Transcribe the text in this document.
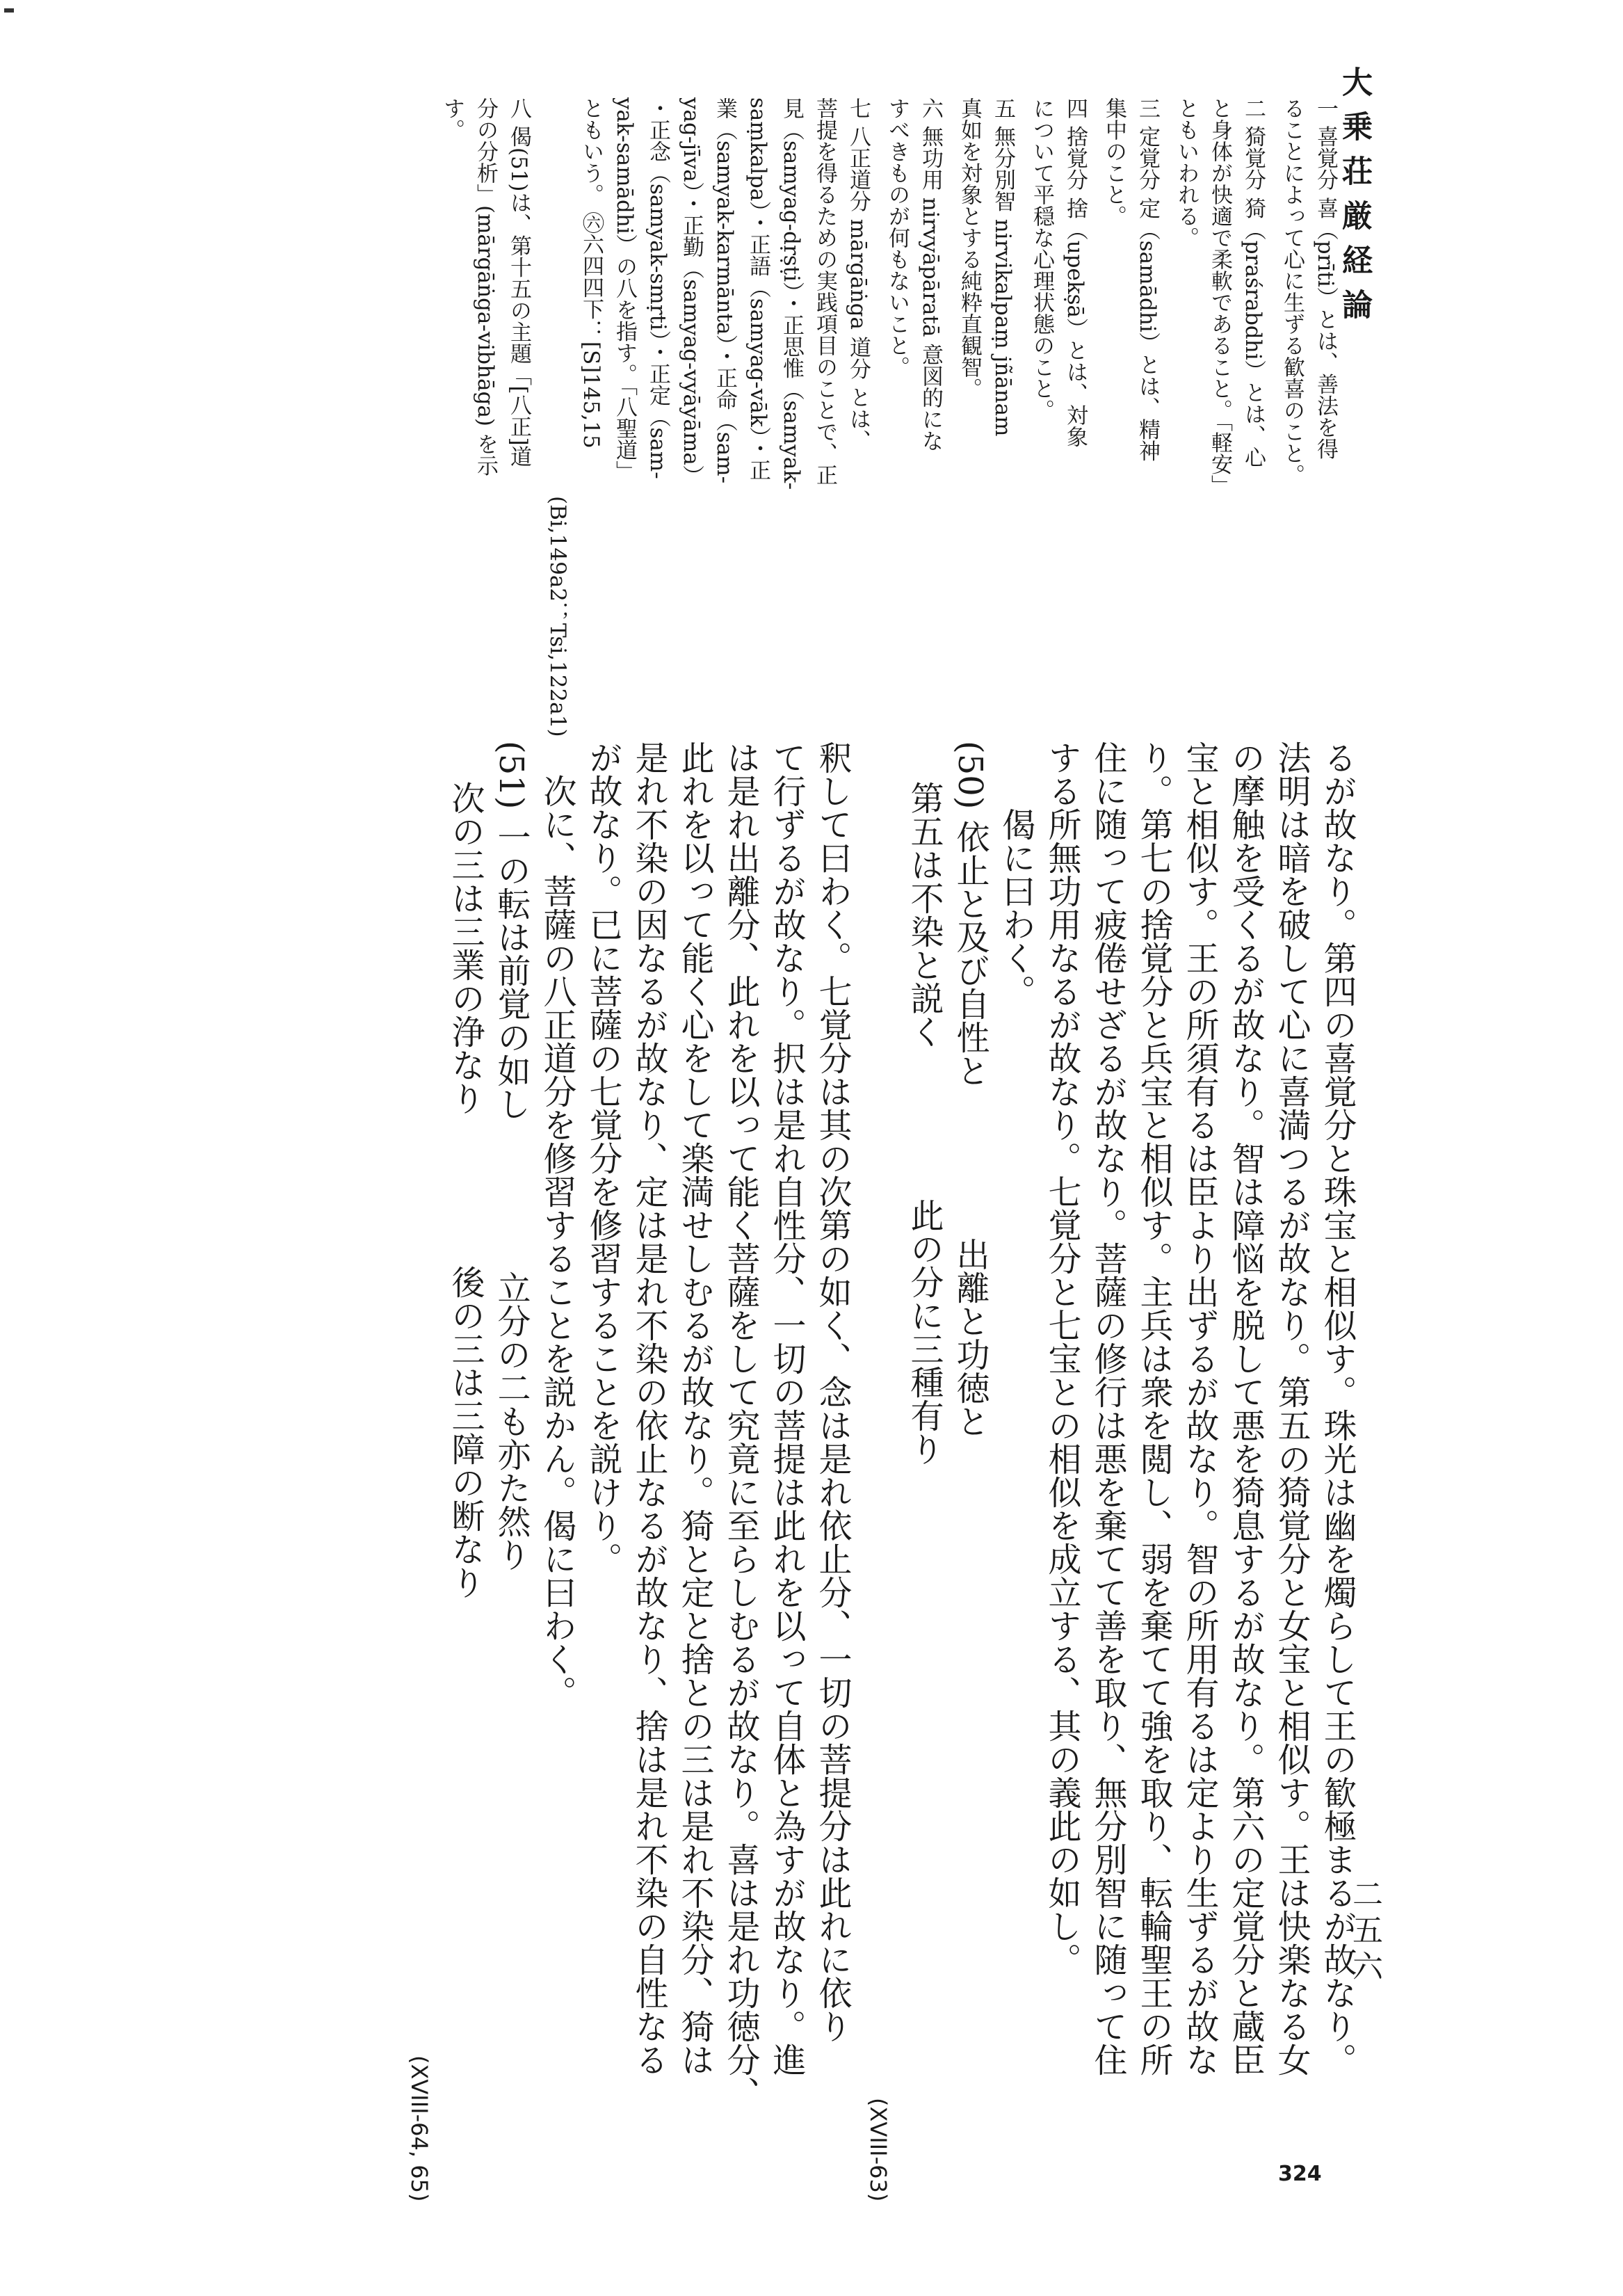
大乗荘厳経論
二五六
324
一 喜覚分 喜（prīti）とは、善法を得
ることによって心に生ずる歓喜のこと。
二 猗覚分 猗（praśrabdhi）とは、心
と身体が快適で柔軟であること。「軽安」
ともいわれる。
三 定覚分 定（samādhi）とは、精神
集中のこと。
四 捨覚分 捨（upekṣā）とは、対象
について平穏な心理状態のこと。
五 無分別智 nirvikalpaṃ jñānam
真如を対象とする純粋直観智。
六 無功用 nirvyāpāratā 意図的にな
すべきものが何もないこと。
七 八正道分 mārgāṅga 道分 とは、
菩提を得るための実践項目のことで、正
見（samyag-dṛṣṭi）・正思惟（samyak-
saṃkalpa）・正語（samyag-vāk）・正
業（samyak-karmānta）・正命（sam-
yag-jīva）・正勤（samyag-vyāyāma）
・正念（samyak-smṛti）・正定（sam-
yak-samādhi）の八を指す。「八聖道」
ともいう。 ㊅六四四下：[S]145,15
(Bi,149a2；Tsi,122a1)
八 偈(51)は、第十五の主題「[八正]道
分の分析」(mārgāṅga-vibhāga) を示
す。
るが故なり。第四の喜覚分と珠宝と相似す。珠光は幽を燭らして王の歓極まるが故なり。
法明は暗を破して心に喜満つるが故なり。第五の猗覚分と女宝と相似す。王は快楽なる女
の摩触を受くるが故なり。智は障悩を脱して悪を猗息するが故なり。第六の定覚分と蔵臣
宝と相似す。王の所須有るは臣より出ずるが故なり。智の所用有るは定より生ずるが故な
り。第七の捨覚分と兵宝と相似す。主兵は衆を閲し、弱を棄てて強を取り、転輪聖王の所
住に随って疲倦せざるが故なり。菩薩の修行は悪を棄てて善を取り、無分別智に随って住
する所無功用なるが故なり。七覚分と七宝との相似を成立する、其の義此の如し。
偈に曰わく。
(50) 依止と及び自性と出離と功徳と
第五は不染と説く此の分に三種有り
(XVIII-63)
釈して曰わく。七覚分は其の次第の如く、念は是れ依止分、一切の菩提分は此れに依り
て行ずるが故なり。択は是れ自性分、一切の菩提は此れを以って自体と為すが故なり。進
は是れ出離分、此れを以って能く菩薩をして究竟に至らしむるが故なり。喜は是れ功徳分、
此れを以って能く心をして楽満せしむるが故なり。猗と定と捨との三は是れ不染分、猗は
是れ不染の因なるが故なり、定は是れ不染の依止なるが故なり、捨は是れ不染の自性なる
が故なり。已に菩薩の七覚分を修習することを説けり。
次に、菩薩の八正道分を修習することを説かん。偈に曰わく。
(51) 一の転は前覚の如し立分の二も亦た然り
次の三は三業の浄なり後の三は三障の断なり
(XVIII-64, 65)
